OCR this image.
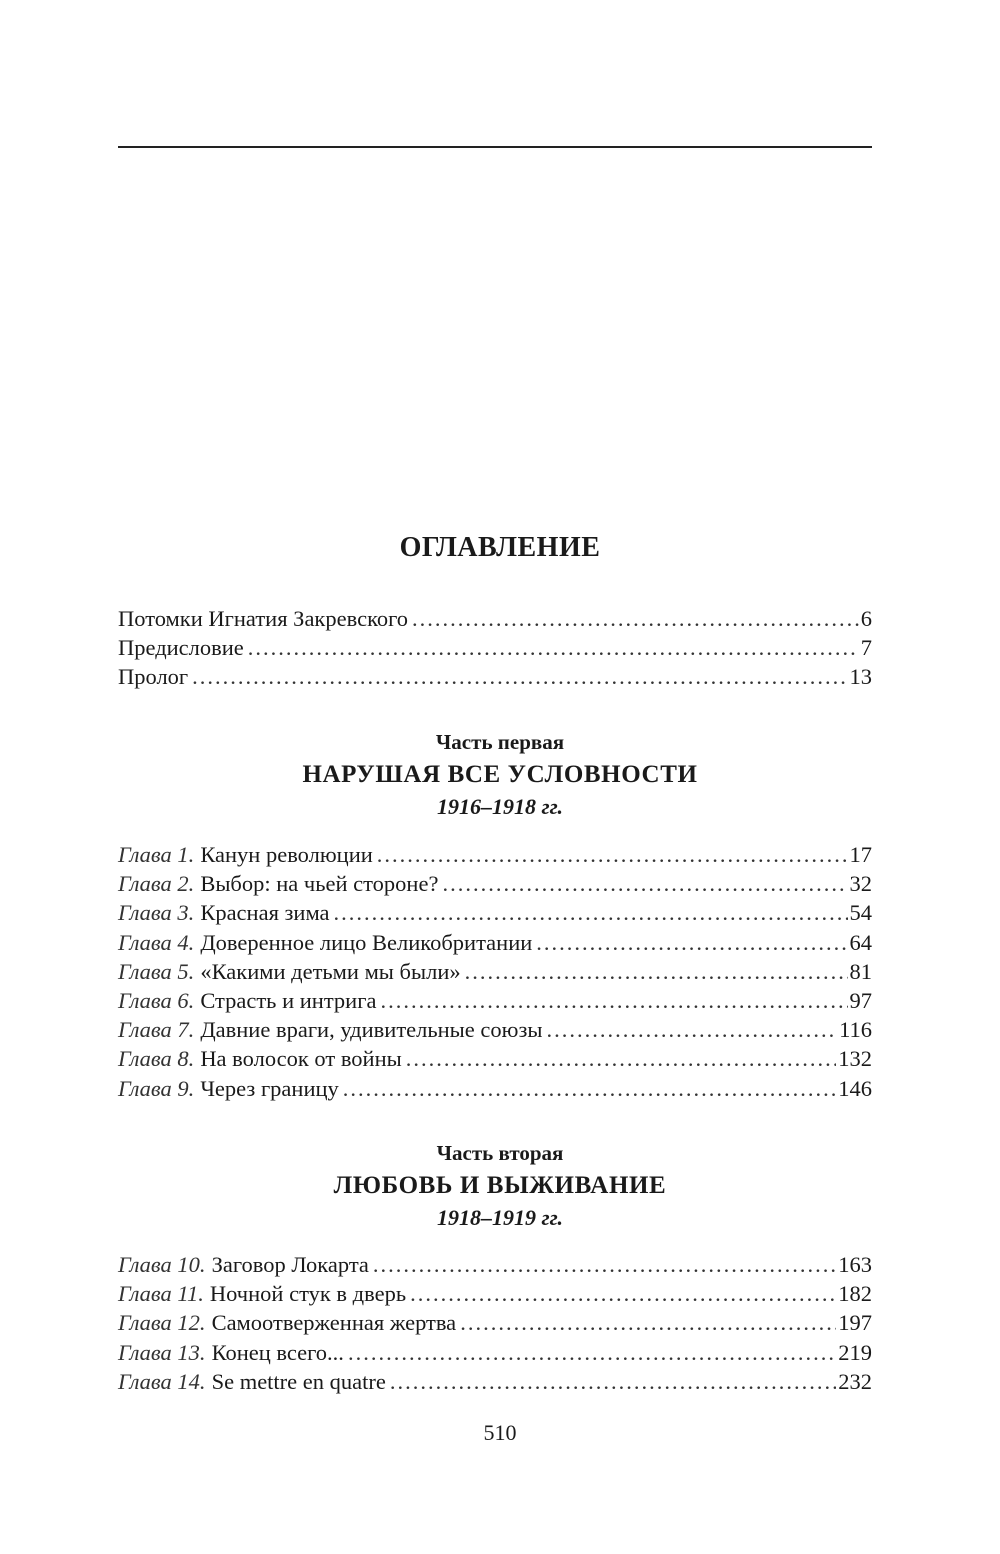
ОГЛАВЛЕНИЕ
Потомки Игнатия Закревского .....	6
Предисловие .....	7
Пролог .....	13
Часть первая
НАРУШАЯ ВСЕ УСЛОВНОСТИ
1916–1918 гг.
Глава 1. Канун революции .....	17
Глава 2. Выбор: на чьей стороне? .....	32
Глава 3. Красная зима .....	54
Глава 4. Доверенное лицо Великобритании .....	64
Глава 5. «Какими детьми мы были» .....	81
Глава 6. Страсть и интрига .....	97
Глава 7. Давние враги, удивительные союзы .....	116
Глава 8. На волосок от войны .....	132
Глава 9. Через границу .....	146
Часть вторая
ЛЮБОВЬ И ВЫЖИВАНИЕ
1918–1919 гг.
Глава 10. Заговор Локарта .....	163
Глава 11. Ночной стук в дверь .....	182
Глава 12. Самоотверженная жертва .....	197
Глава 13. Конец всего... .....	219
Глава 14. Se mettre en quatre .....	232
510
